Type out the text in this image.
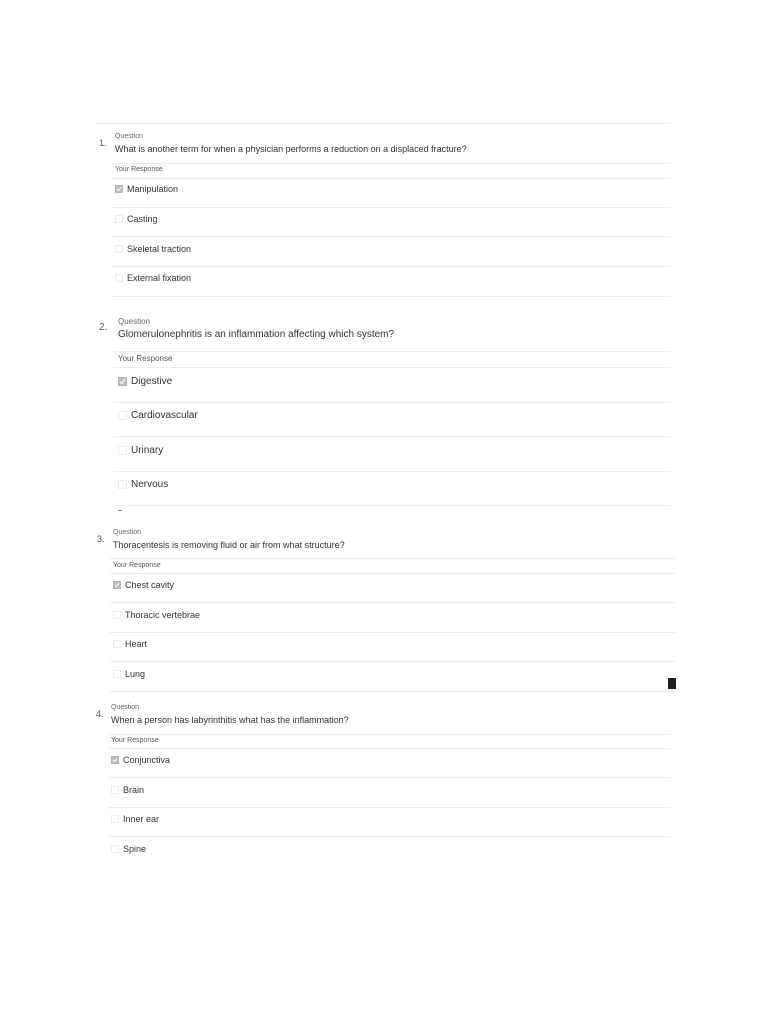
1.
Question
What is another term for when a physician performs a reduction on a displaced fracture?
Your Response
Manipulation
Casting
Skeletal traction
External fixation
2.
Question
Glomerulonephritis is an inflammation affecting which system?
Your Response
Digestive
Cardiovascular
Urinary
Nervous
3.
Question
Thoracentesis is removing fluid or air from what structure?
Your Response
Chest cavity
Thoracic vertebrae
Heart
Lung
4.
Question
When a person has labyrinthitis what has the inflammation?
Your Response
Conjunctiva
Brain
Inner ear
Spine
